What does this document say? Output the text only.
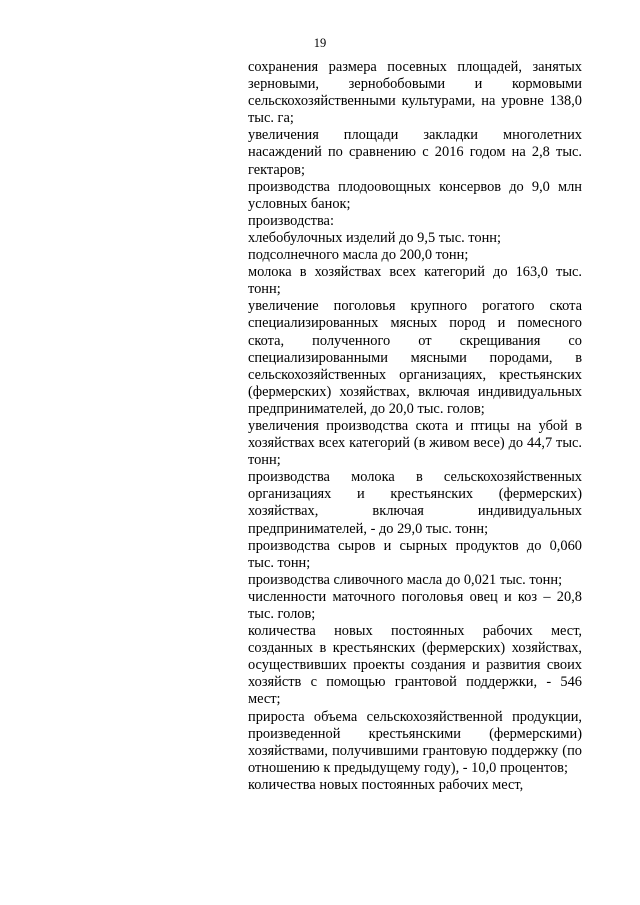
19

сохранения размера посевных площадей, занятых зерновыми, зернобобовыми и кормовыми сельскохозяйственными культурами, на уровне 138,0 тыс. га;

увеличения площади закладки многолетних насаждений по сравнению с 2016 годом на 2,8 тыс. гектаров;

производства плодоовощных консервов до 9,0 млн условных банок;

производства:

хлебобулочных изделий до 9,5 тыс. тонн;

подсолнечного масла до 200,0 тонн;

молока в хозяйствах всех категорий до 163,0 тыс. тонн;

увеличение поголовья крупного рогатого скота специализированных мясных пород и помесного скота, полученного от скрещивания со специализированными мясными породами, в сельскохозяйственных организациях, крестьянских (фермерских) хозяйствах, включая индивидуальных предпринимателей, до 20,0 тыс. голов;

увеличения производства скота и птицы на убой в хозяйствах всех категорий (в живом весе) до 44,7 тыс. тонн;

производства молока в сельскохозяйственных организациях и крестьянских (фермерских) хозяйствах, включая индивидуальных предпринимателей, - до 29,0 тыс. тонн;

производства сыров и сырных продуктов до 0,060 тыс. тонн;

производства сливочного масла до 0,021 тыс. тонн;

численности маточного поголовья овец и коз – 20,8 тыс. голов;

количества новых постоянных рабочих мест, созданных в крестьянских (фермерских) хозяйствах, осуществивших проекты создания и развития своих хозяйств с помощью грантовой поддержки, - 546 мест;

прироста объема сельскохозяйственной продукции, произведенной крестьянскими (фермерскими) хозяйствами, получившими грантовую поддержку (по отношению к предыдущему году), - 10,0 процентов;

количества новых постоянных рабочих мест,
